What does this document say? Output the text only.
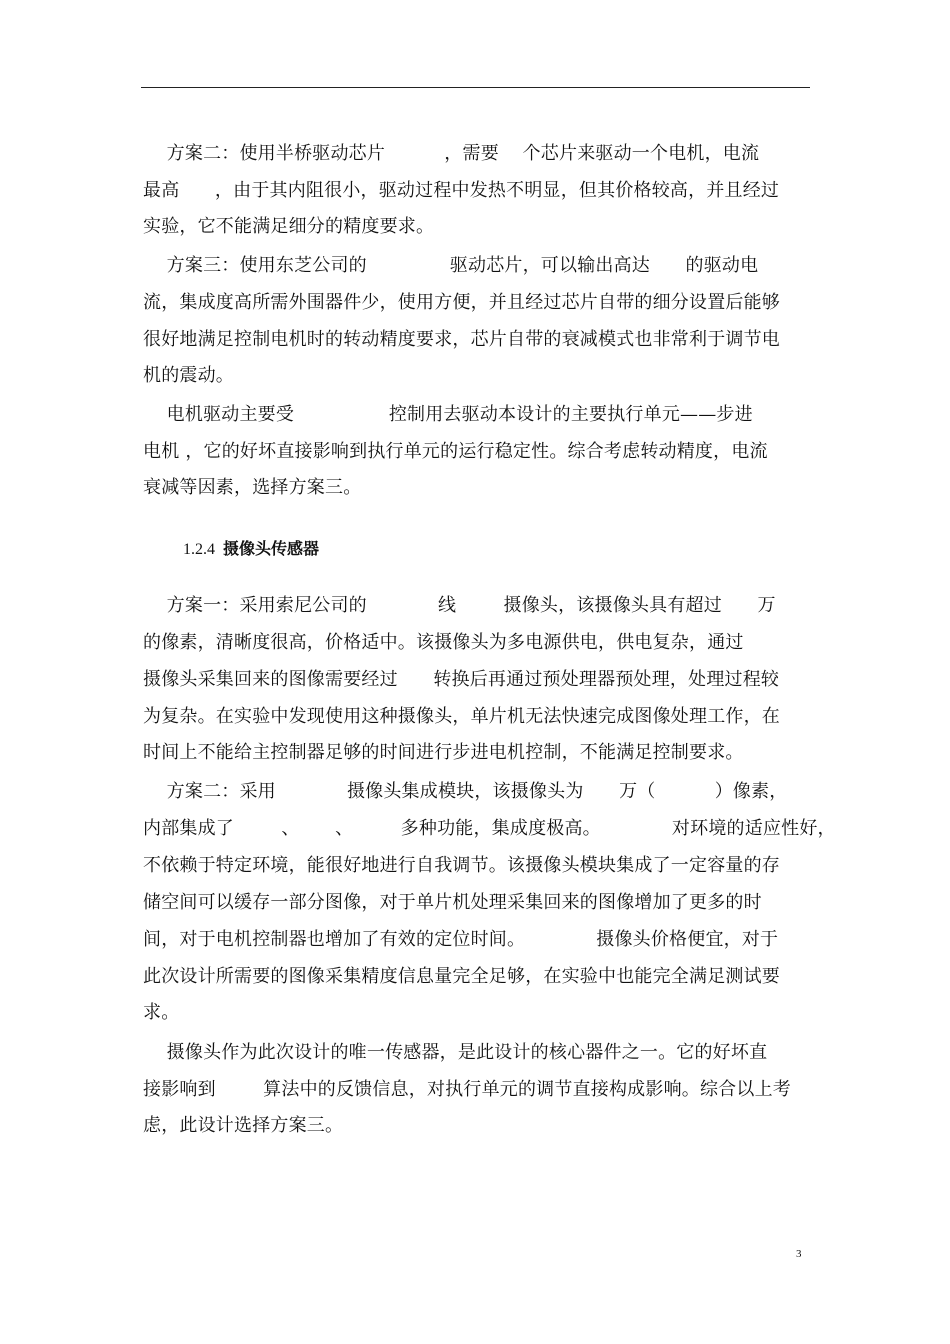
方案二：使用半桥驱动芯片          ，需要    个芯片来驱动一个电机，电流
最高      ，由于其内阻很小，驱动过程中发热不明显，但其价格较高，并且经过
实验，它不能满足细分的精度要求。
方案三：使用东芝公司的              驱动芯片，可以输出高达      的驱动电
流，集成度高所需外围器件少，使用方便，并且经过芯片自带的细分设置后能够
很好地满足控制电机时的转动精度要求，芯片自带的衰减模式也非常利于调节电
机的震动。
电机驱动主要受                控制用去驱动本设计的主要执行单元——步进
电机 ，它的好坏直接影响到执行单元的运行稳定性。综合考虑转动精度，电流
衰减等因素，选择方案三。
1.2.4 摄像头传感器
方案一：采用索尼公司的            线        摄像头，该摄像头具有超过      万
的像素，清晰度很高，价格适中。该摄像头为多电源供电，供电复杂，通过
摄像头采集回来的图像需要经过      转换后再通过预处理器预处理，处理过程较
为复杂。在实验中发现使用这种摄像头，单片机无法快速完成图像处理工作，在
时间上不能给主控制器足够的时间进行步进电机控制，不能满足控制要求。
方案二：采用            摄像头集成模块，该摄像头为      万（          ）像素，
内部集成了        、      、        多种功能，集成度极高。            对环境的适应性好，
不依赖于特定环境，能很好地进行自我调节。该摄像头模块集成了一定容量的存
储空间可以缓存一部分图像，对于单片机处理采集回来的图像增加了更多的时
间，对于电机控制器也增加了有效的定位时间。            摄像头价格便宜，对于
此次设计所需要的图像采集精度信息量完全足够，在实验中也能完全满足测试要
求。
摄像头作为此次设计的唯一传感器，是此设计的核心器件之一。它的好坏直
接影响到        算法中的反馈信息，对执行单元的调节直接构成影响。综合以上考
虑，此设计选择方案三。
3
